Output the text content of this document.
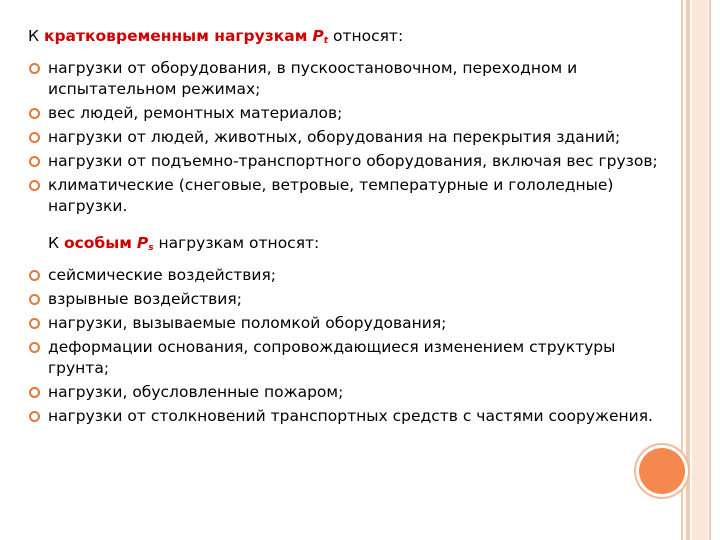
К кратковременным нагрузкам $P_t$ относят:

нагрузки от оборудования, в пускоостановочном, переходном и испытательном режимах;
вес людей, ремонтных материалов;
нагрузки от людей, животных, оборудования на перекрытия зданий;
нагрузки от подъемно-транспортного оборудования, включая вес грузов;
климатические (снеговые, ветровые, температурные и гололедные) нагрузки.

К особым $P_s$ нагрузкам относят:

сейсмические воздействия;
взрывные воздействия;
нагрузки, вызываемые поломкой оборудования;
деформации основания, сопровождающиеся изменением структуры грунта;
нагрузки, обусловленные пожаром;
нагрузки от столкновений транспортных средств с частями сооружения.
